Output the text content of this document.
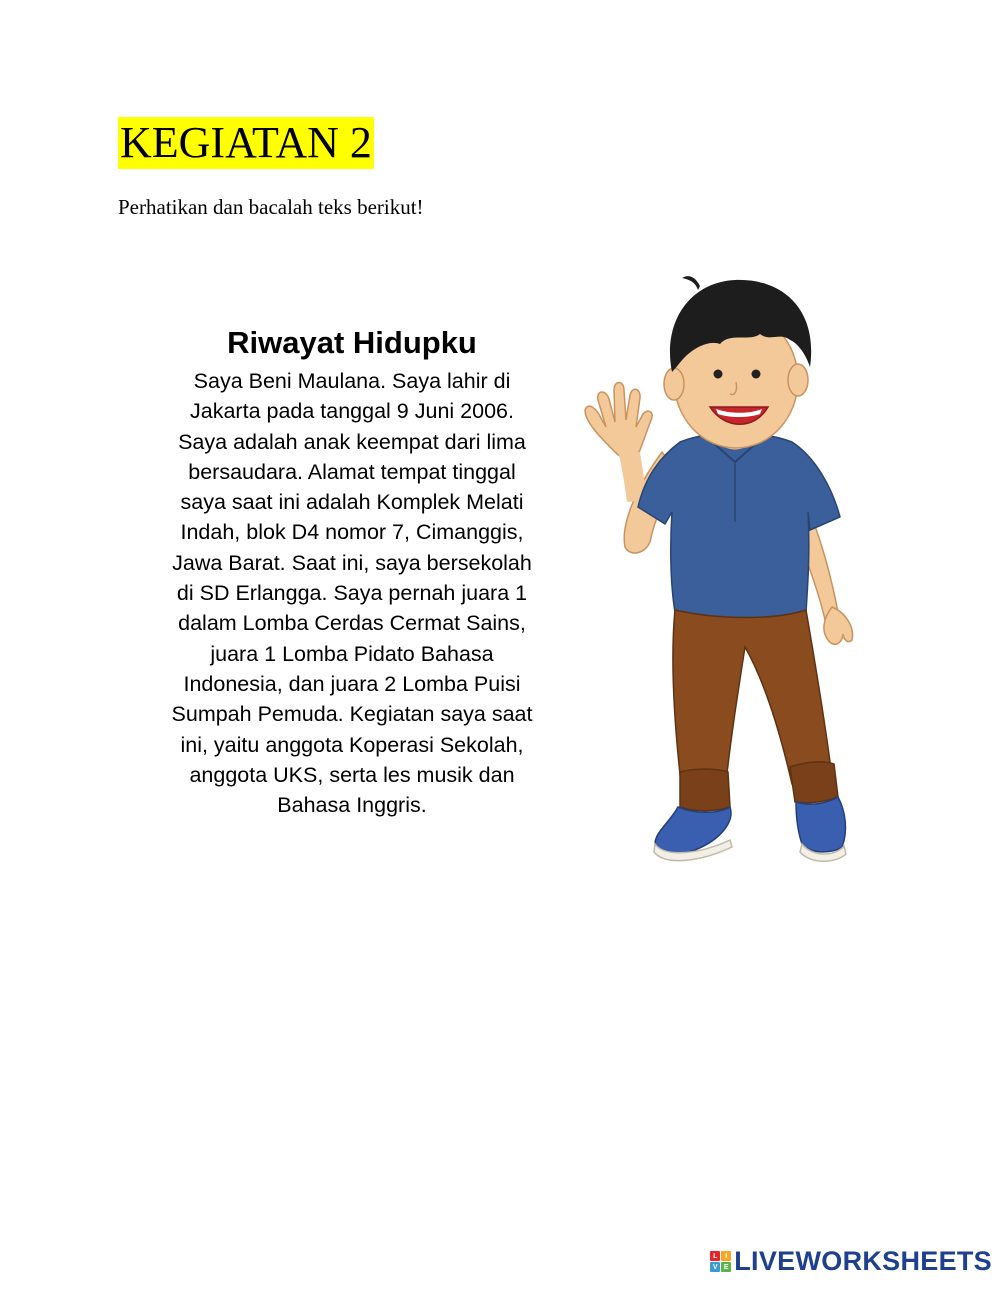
KEGIATAN 2
Perhatikan dan bacalah teks berikut!
Riwayat Hidupku

Saya Beni Maulana. Saya lahir di
Jakarta pada tanggal 9 Juni 2006.
Saya adalah anak keempat dari lima
bersaudara. Alamat tempat tinggal
saya saat ini adalah Komplek Melati
Indah, blok D4 nomor 7, Cimanggis,
Jawa Barat. Saat ini, saya bersekolah
di SD Erlangga. Saya pernah juara 1
dalam Lomba Cerdas Cermat Sains,
juara 1 Lomba Pidato Bahasa
Indonesia, dan juara 2 Lomba Puisi
Sumpah Pemuda. Kegiatan saya saat
ini, yaitu anggota Koperasi Sekolah,
anggota UKS, serta les musik dan
Bahasa Inggris.

L	I
V E LIVEWORKSHEETS
